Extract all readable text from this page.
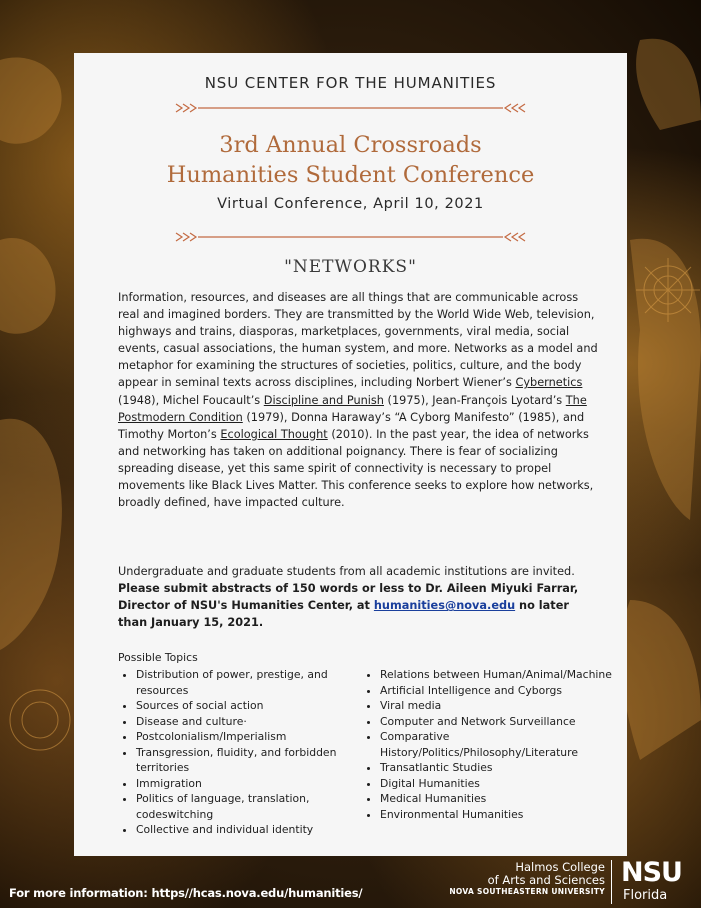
NSU CENTER FOR THE HUMANITIES
3rd Annual Crossroads
Humanities Student Conference
Virtual Conference, April 10, 2021
"NETWORKS"

Information, resources, and diseases are all things that are communicable across real and imagined borders. They are transmitted by the World Wide Web, television, highways and trains, diasporas, marketplaces, governments, viral media, social events, casual associations, the human system, and more. Networks as a model and metaphor for examining the structures of societies, politics, culture, and the body appear in seminal texts across disciplines, including Norbert Wiener’s Cybernetics (1948), Michel Foucault’s Discipline and Punish (1975), Jean-François Lyotard’s The Postmodern Condition (1979), Donna Haraway’s “A Cyborg Manifesto” (1985), and Timothy Morton’s Ecological Thought (2010). In the past year, the idea of networks and networking has taken on additional poignancy. There is fear of socializing spreading disease, yet this same spirit of connectivity is necessary to propel movements like Black Lives Matter. This conference seeks to explore how networks, broadly defined, have impacted culture.

Undergraduate and graduate students from all academic institutions are invited. Please submit abstracts of 150 words or less to Dr. Aileen Miyuki Farrar, Director of NSU's Humanities Center, at humanities@nova.edu no later than January 15, 2021.

Possible Topics
• Distribution of power, prestige, and resources
• Sources of social action
• Disease and culture·
• Postcolonialism/Imperialism
• Transgression, fluidity, and forbidden territories
• Immigration
• Politics of language, translation, codeswitching
• Collective and individual identity
• Relations between Human/Animal/Machine
• Artificial Intelligence and Cyborgs
• Viral media
• Computer and Network Surveillance
• Comparative History/Politics/Philosophy/Literature
• Transatlantic Studies
• Digital Humanities
• Medical Humanities
• Environmental Humanities
For more information: https//hcas.nova.edu/humanities/
Halmos College
of Arts and Sciences
NOVA SOUTHEASTERN UNIVERSITY
NSU
Florida
